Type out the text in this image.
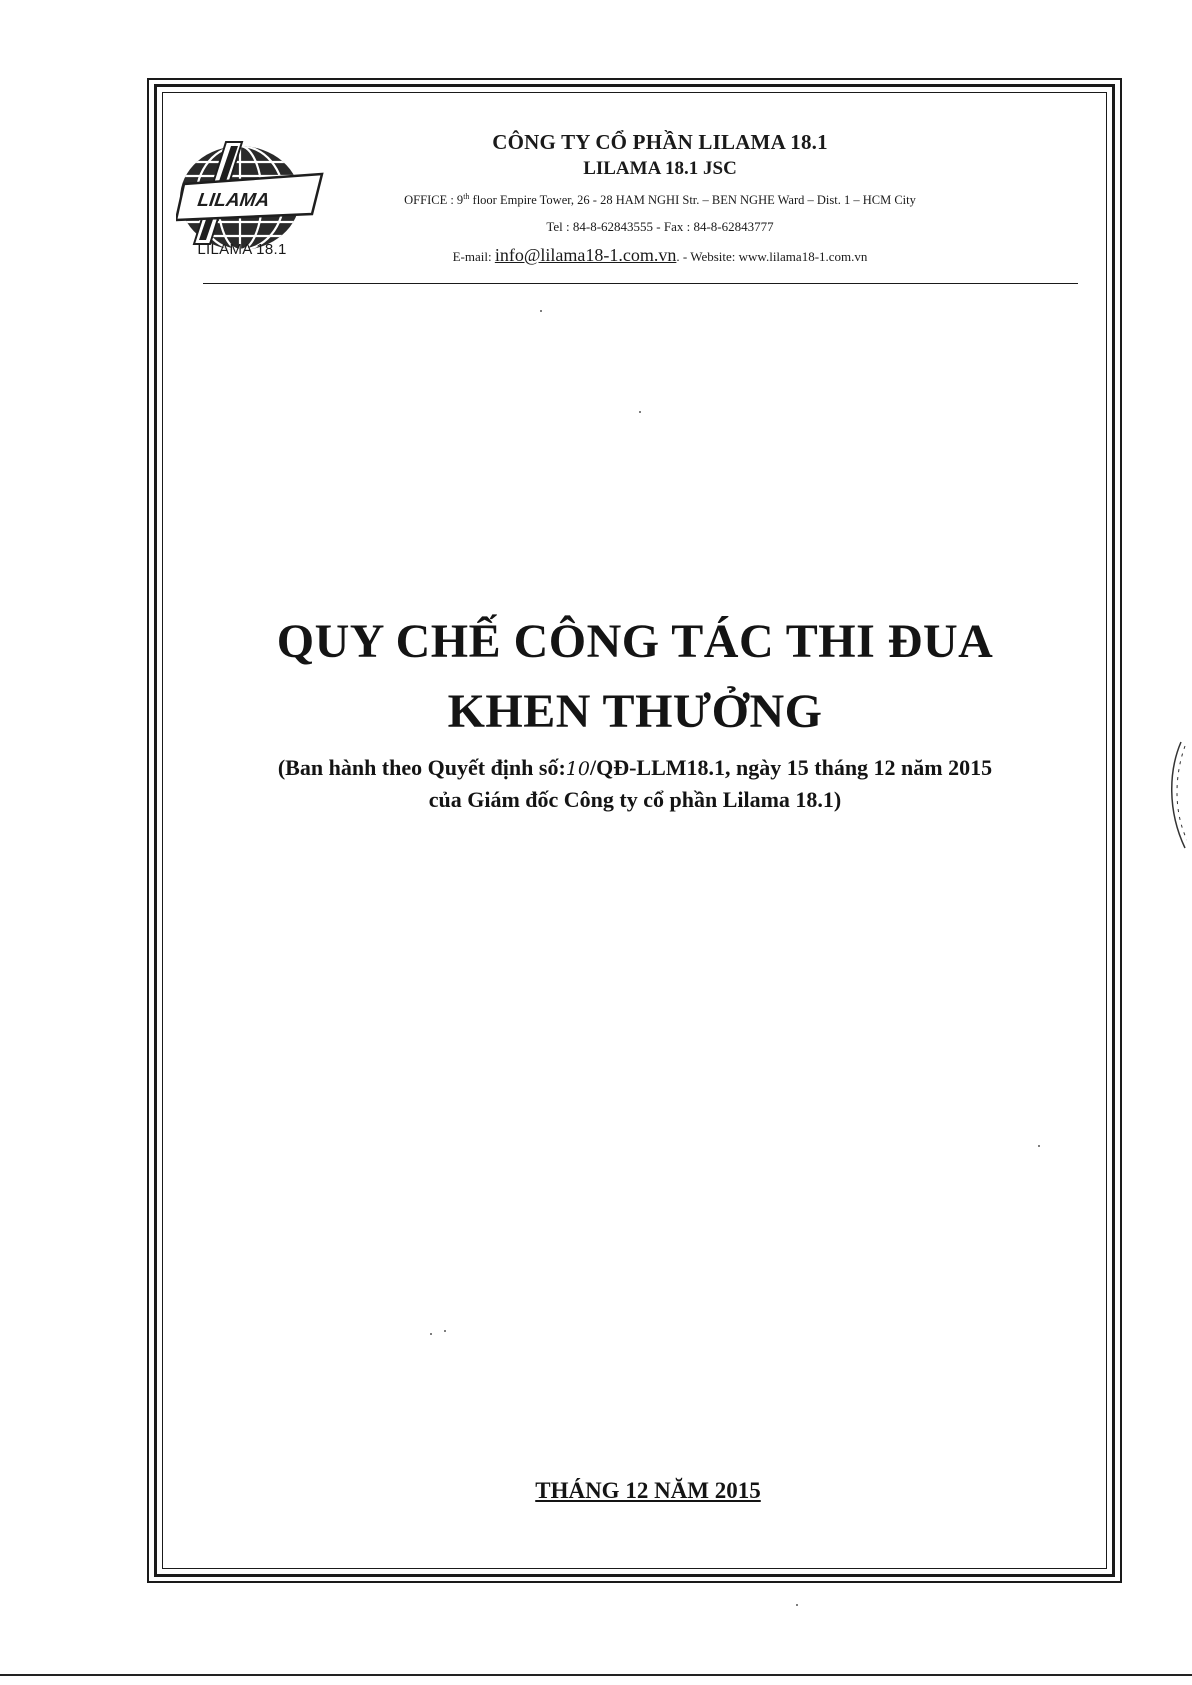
LILAMA
LILAMA 18.1
CÔNG TY CỔ PHẦN LILAMA 18.1
LILAMA 18.1 JSC
OFFICE : 9th floor Empire Tower, 26 - 28 HAM NGHI Str. – BEN NGHE Ward – Dist. 1 – HCM City
Tel : 84-8-62843555 - Fax : 84-8-62843777
E-mail: info@lilama18-1.com.vn. - Website: www.lilama18-1.com.vn
QUY CHẾ CÔNG TÁC THI ĐUA
KHEN THƯỞNG
(Ban hành theo Quyết định số:10/QĐ-LLM18.1, ngày 15 tháng 12 năm 2015
của Giám đốc Công ty cổ phần Lilama 18.1)
THÁNG 12 NĂM 2015
